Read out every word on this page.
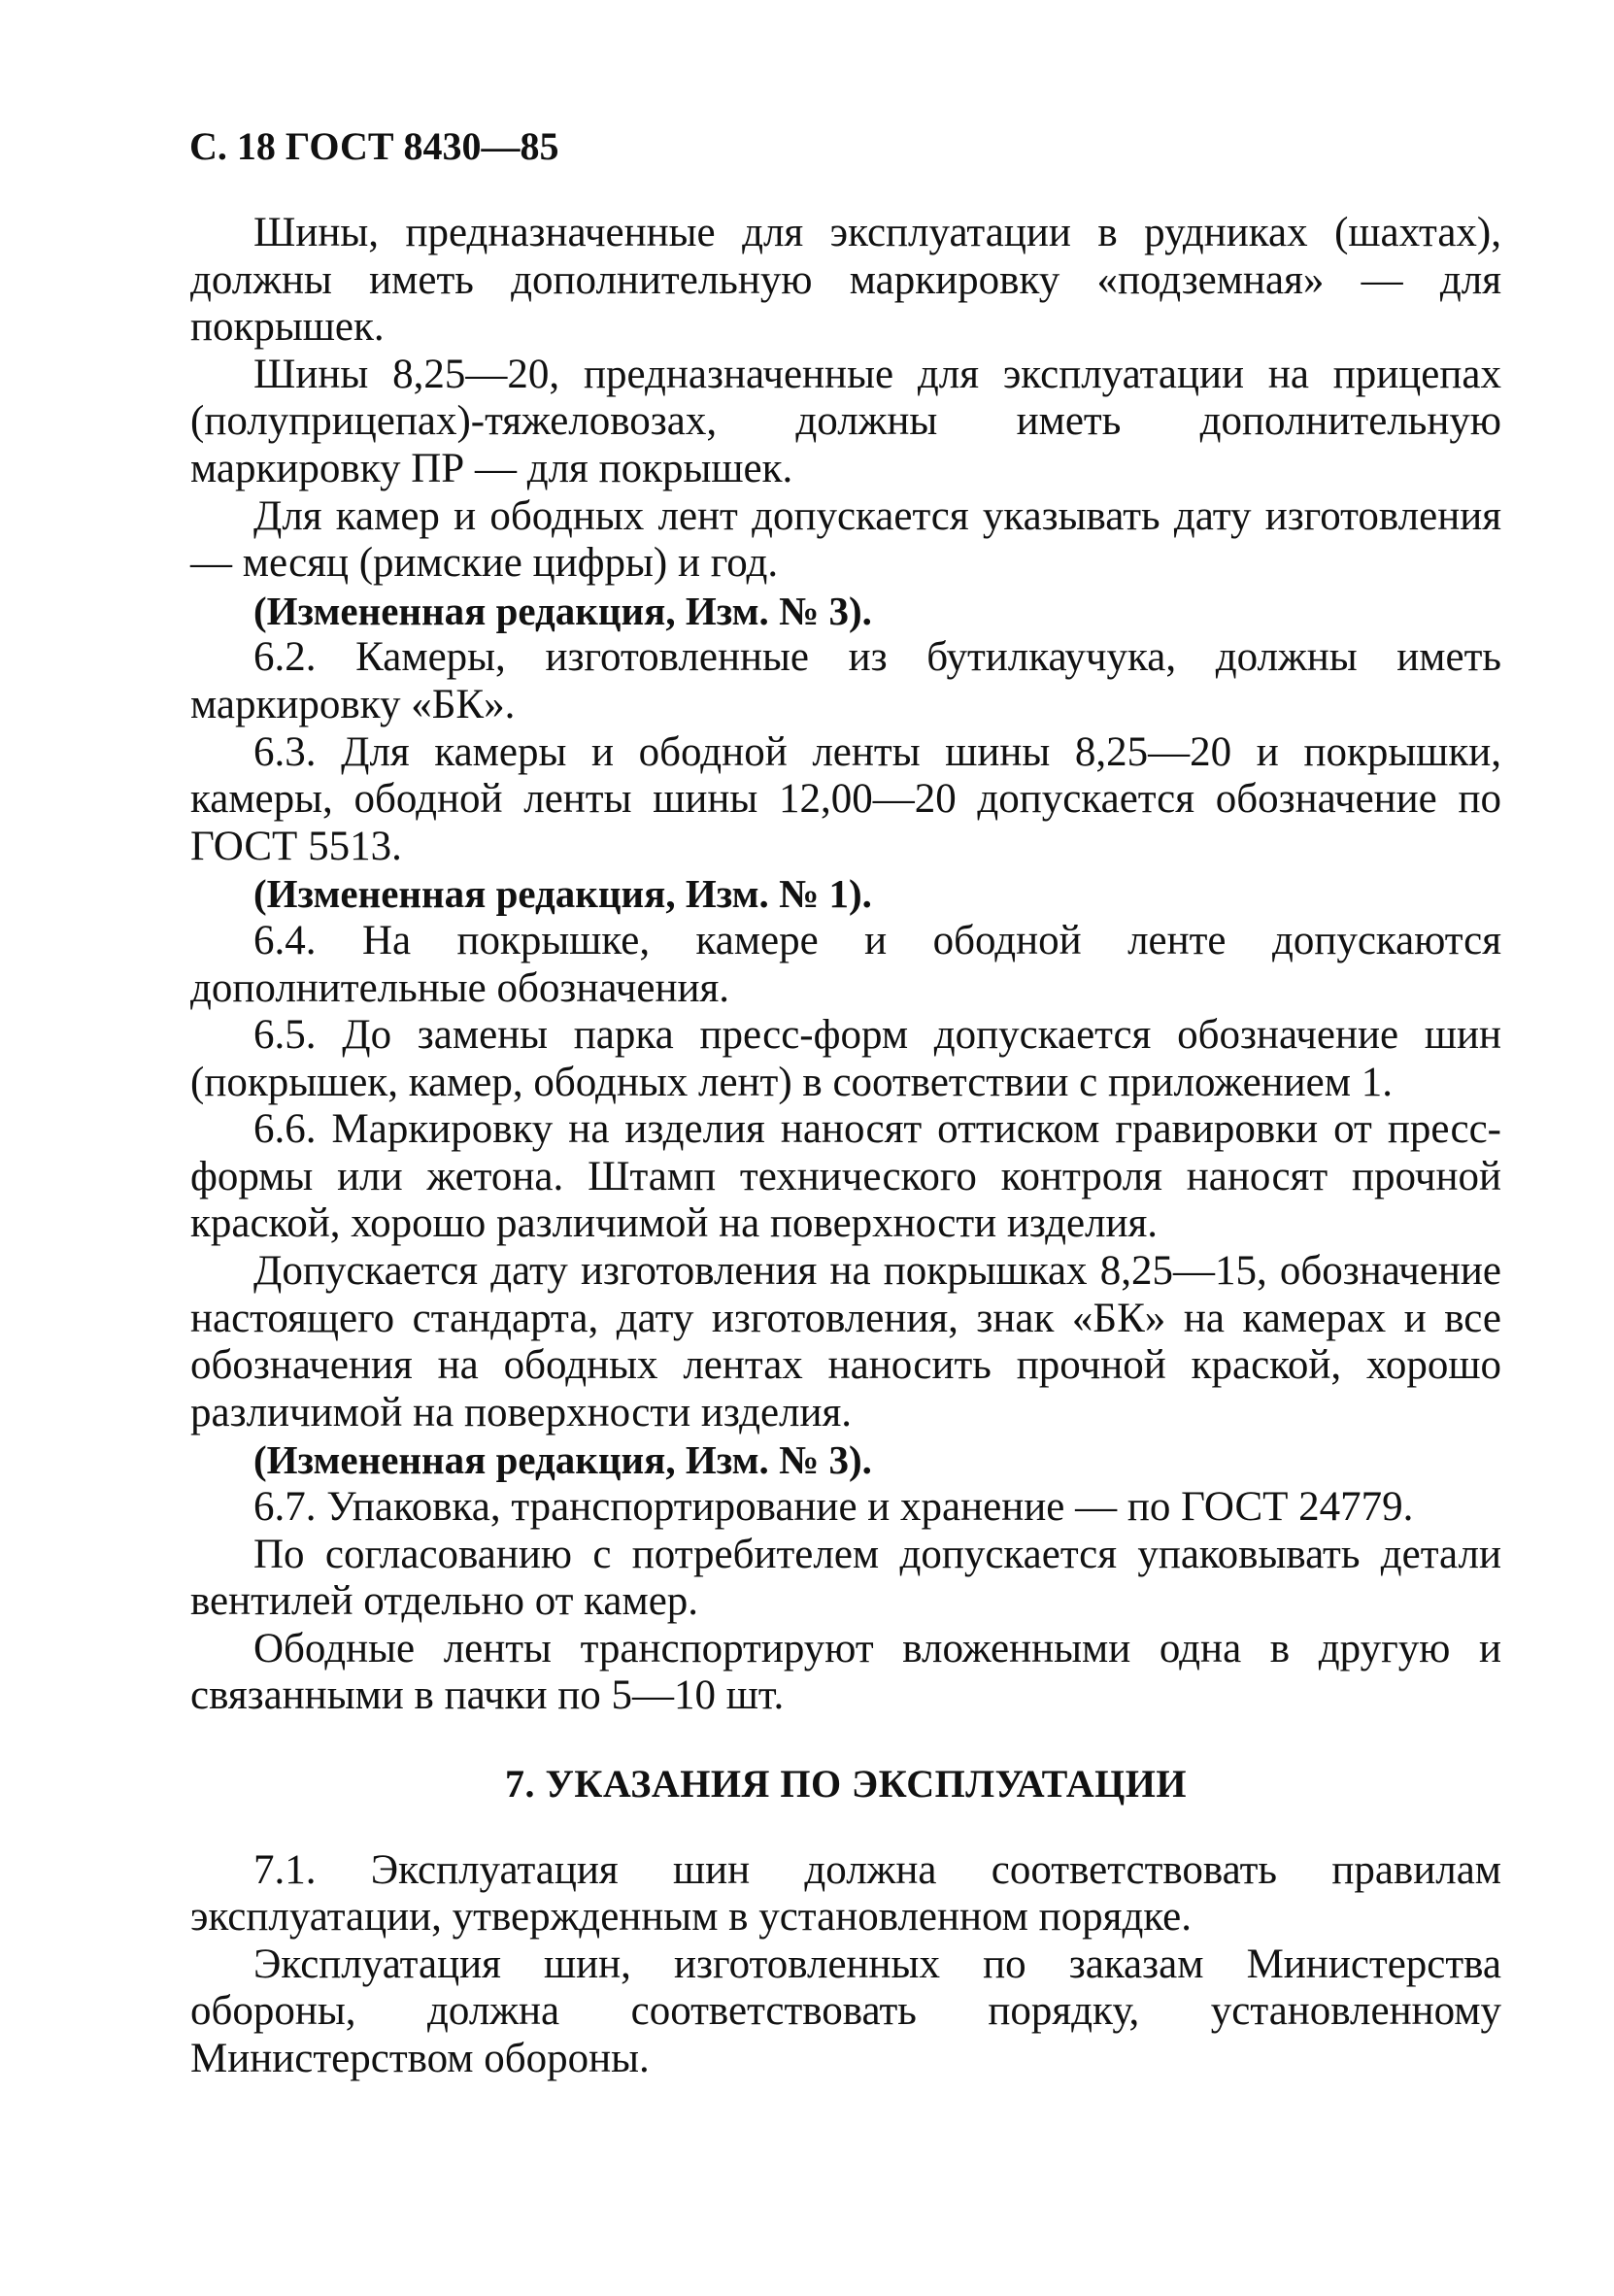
С. 18 ГОСТ 8430—85

Шины, предназначенные для эксплуатации в рудниках (шахтах), должны иметь дополнительную маркировку «подземная» — для покрышек.

Шины 8,25—20, предназначенные для эксплуатации на прицепах (полуприцепах)-тяжеловозах, должны иметь дополнительную маркировку ПР — для покрышек.

Для камер и ободных лент допускается указывать дату изготовления — месяц (римские цифры) и год.

(Измененная редакция, Изм. № 3).

6.2. Камеры, изготовленные из бутилкаучука, должны иметь маркировку «БК».

6.3. Для камеры и ободной ленты шины 8,25—20 и покрышки, камеры, ободной ленты шины 12,00—20 допускается обозначение по ГОСТ 5513.

(Измененная редакция, Изм. № 1).

6.4. На покрышке, камере и ободной ленте допускаются дополнительные обозначения.

6.5. До замены парка пресс-форм допускается обозначение шин (покрышек, камер, ободных лент) в соответствии с приложением 1.

6.6. Маркировку на изделия наносят оттиском гравировки от пресс-формы или жетона. Штамп технического контроля наносят прочной краской, хорошо различимой на поверхности изделия.

Допускается дату изготовления на покрышках 8,25—15, обозначение настоящего стандарта, дату изготовления, знак «БК» на камерах и все обозначения на ободных лентах наносить прочной краской, хорошо различимой на поверхности изделия.

(Измененная редакция, Изм. № 3).

6.7. Упаковка, транспортирование и хранение — по ГОСТ 24779.

По согласованию с потребителем допускается упаковывать детали вентилей отдельно от камер.

Ободные ленты транспортируют вложенными одна в другую и связанными в пачки по 5—10 шт.

7. УКАЗАНИЯ ПО ЭКСПЛУАТАЦИИ

7.1. Эксплуатация шин должна соответствовать правилам эксплуатации, утвержденным в установленном порядке.

Эксплуатация шин, изготовленных по заказам Министерства обороны, должна соответствовать порядку, установленному Министерством обороны.
